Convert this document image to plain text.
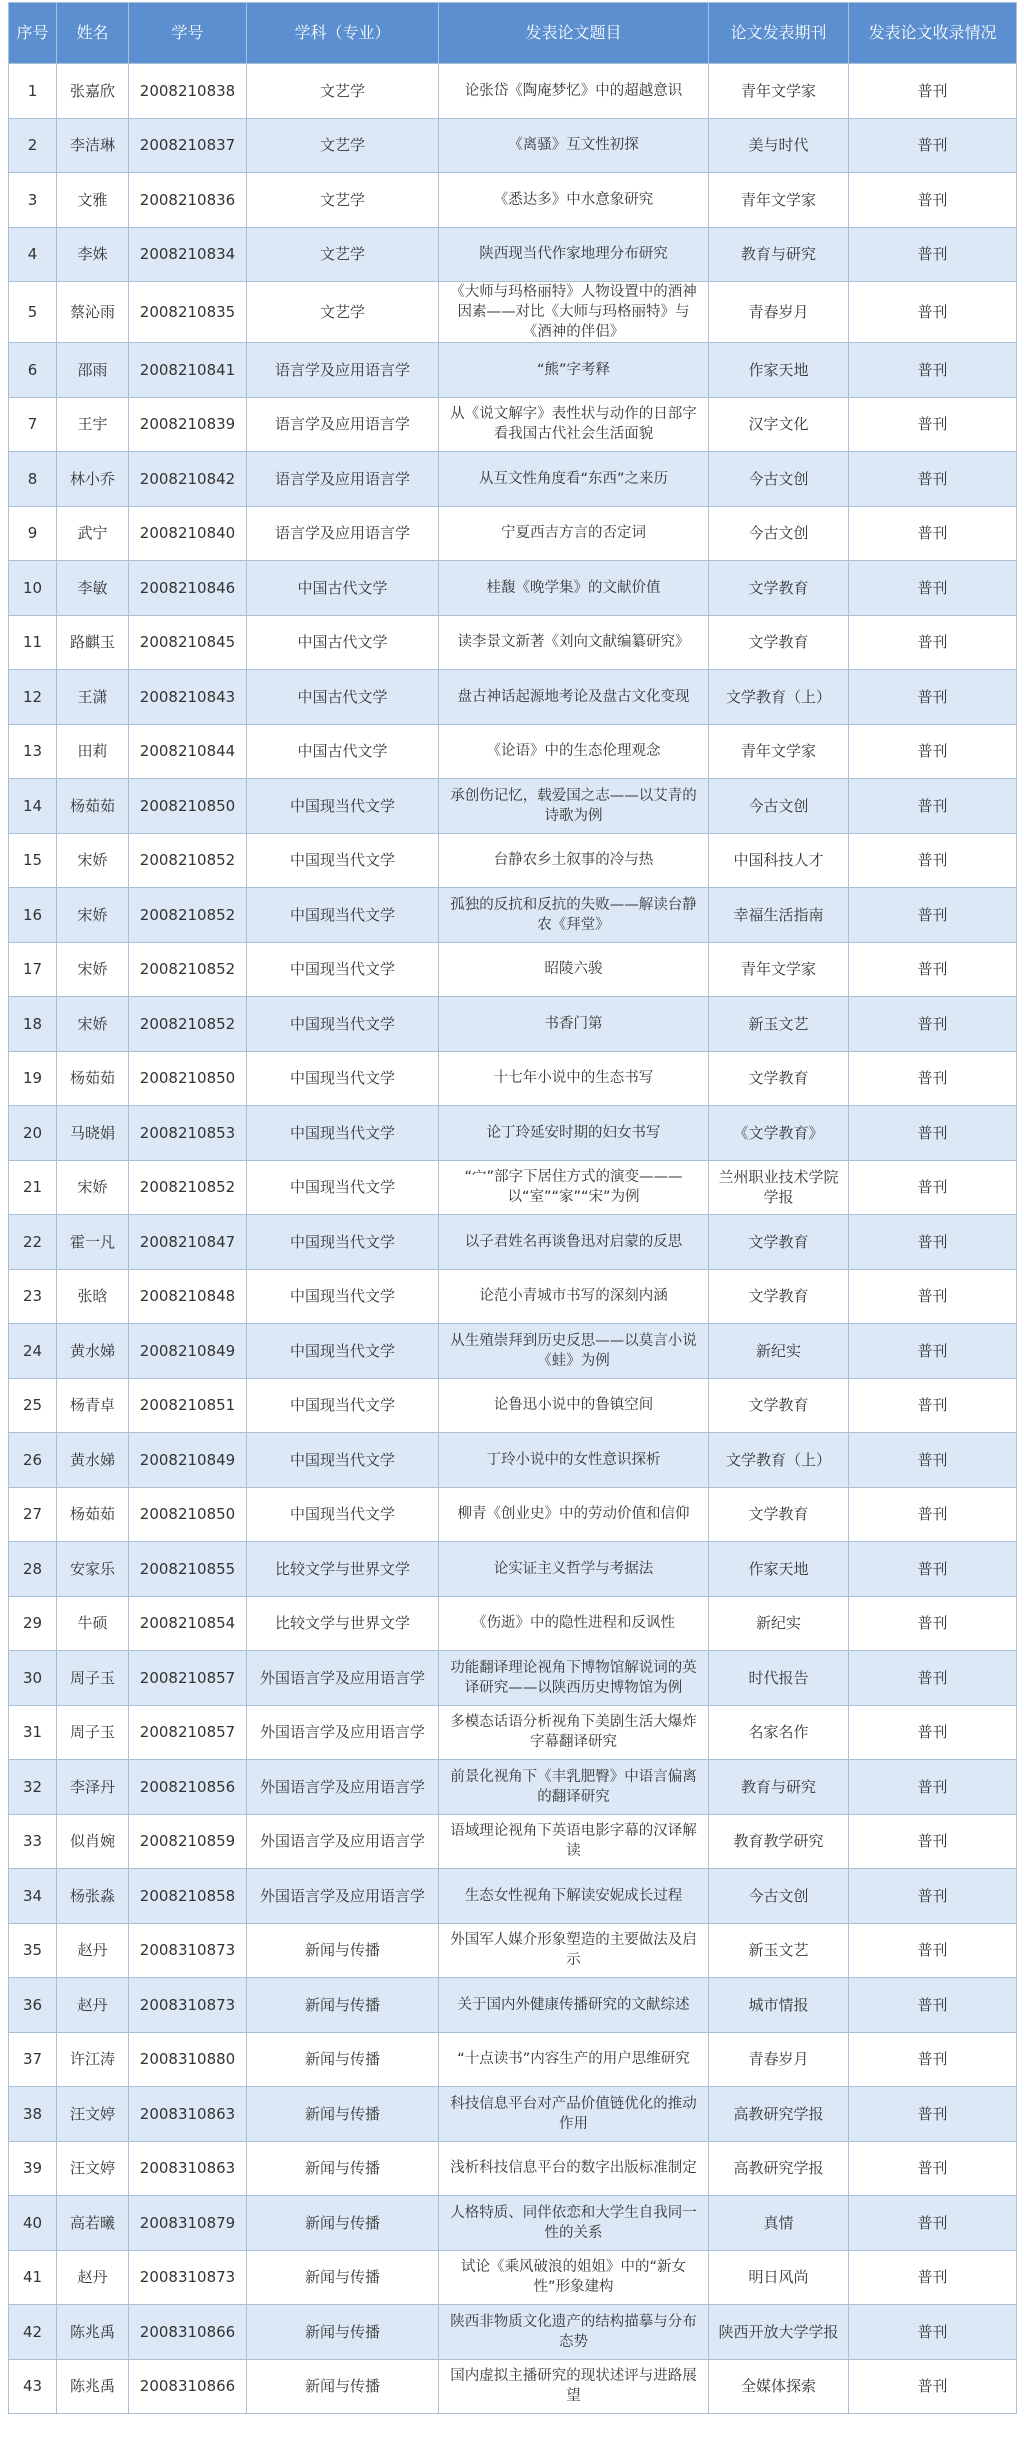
序号	姓名	学号	学科（专业）	发表论文题目	论文发表期刊	发表论文收录情况
1	张嘉欣	2008210838	文艺学	论张岱《陶庵梦忆》中的超越意识	青年文学家	普刊
2	李洁琳	2008210837	文艺学	《离骚》互文性初探	美与时代	普刊
3	文雅	2008210836	文艺学	《悉达多》中水意象研究	青年文学家	普刊
4	李姝	2008210834	文艺学	陕西现当代作家地理分布研究	教育与研究	普刊
5	蔡沁雨	2008210835	文艺学	《大师与玛格丽特》人物设置中的酒神因素——对比《大师与玛格丽特》与《酒神的伴侣》	青春岁月	普刊
6	邵雨	2008210841	语言学及应用语言学	“熊”字考释	作家天地	普刊
7	王宇	2008210839	语言学及应用语言学	从《说文解字》表性状与动作的日部字看我国古代社会生活面貌	汉字文化	普刊
8	林小乔	2008210842	语言学及应用语言学	从互文性角度看“东西”之来历	今古文创	普刊
9	武宁	2008210840	语言学及应用语言学	宁夏西吉方言的否定词	今古文创	普刊
10	李敏	2008210846	中国古代文学	桂馥《晚学集》的文献价值	文学教育	普刊
11	路麒玉	2008210845	中国古代文学	读李景文新著《刘向文献编纂研究》	文学教育	普刊
12	王潇	2008210843	中国古代文学	盘古神话起源地考论及盘古文化变现	文学教育（上）	普刊
13	田莉	2008210844	中国古代文学	《论语》中的生态伦理观念	青年文学家	普刊
14	杨茹茹	2008210850	中国现当代文学	承创伤记忆，载爱国之志——以艾青的诗歌为例	今古文创	普刊
15	宋娇	2008210852	中国现当代文学	台静农乡土叙事的冷与热	中国科技人才	普刊
16	宋娇	2008210852	中国现当代文学	孤独的反抗和反抗的失败——解读台静农《拜堂》	幸福生活指南	普刊
17	宋娇	2008210852	中国现当代文学	昭陵六骏	青年文学家	普刊
18	宋娇	2008210852	中国现当代文学	书香门第	新玉文艺	普刊
19	杨茹茹	2008210850	中国现当代文学	十七年小说中的生态书写	文学教育	普刊
20	马晓娟	2008210853	中国现当代文学	论丁玲延安时期的妇女书写	《文学教育》	普刊
21	宋娇	2008210852	中国现当代文学	“宀”部字下居住方式的演变———以“室”“家”“宋”为例	兰州职业技术学院学报	普刊
22	霍一凡	2008210847	中国现当代文学	以子君姓名再谈鲁迅对启蒙的反思	文学教育	普刊
23	张晗	2008210848	中国现当代文学	论范小青城市书写的深刻内涵	文学教育	普刊
24	黄水娣	2008210849	中国现当代文学	从生殖崇拜到历史反思——以莫言小说《蛙》为例	新纪实	普刊
25	杨青卓	2008210851	中国现当代文学	论鲁迅小说中的鲁镇空间	文学教育	普刊
26	黄水娣	2008210849	中国现当代文学	丁玲小说中的女性意识探析	文学教育（上）	普刊
27	杨茹茹	2008210850	中国现当代文学	柳青《创业史》中的劳动价值和信仰	文学教育	普刊
28	安家乐	2008210855	比较文学与世界文学	论实证主义哲学与考据法	作家天地	普刊
29	牛硕	2008210854	比较文学与世界文学	《伤逝》中的隐性进程和反讽性	新纪实	普刊
30	周子玉	2008210857	外国语言学及应用语言学	功能翻译理论视角下博物馆解说词的英译研究——以陕西历史博物馆为例	时代报告	普刊
31	周子玉	2008210857	外国语言学及应用语言学	多模态话语分析视角下美剧生活大爆炸字幕翻译研究	名家名作	普刊
32	李泽丹	2008210856	外国语言学及应用语言学	前景化视角下《丰乳肥臀》中语言偏离的翻译研究	教育与研究	普刊
33	似肖婉	2008210859	外国语言学及应用语言学	语域理论视角下英语电影字幕的汉译解读	教育教学研究	普刊
34	杨张淼	2008210858	外国语言学及应用语言学	生态女性视角下解读安妮成长过程	今古文创	普刊
35	赵丹	2008310873	新闻与传播	外国军人媒介形象塑造的主要做法及启示	新玉文艺	普刊
36	赵丹	2008310873	新闻与传播	关于国内外健康传播研究的文献综述	城市情报	普刊
37	许江涛	2008310880	新闻与传播	“十点读书”内容生产的用户思维研究	青春岁月	普刊
38	汪文婷	2008310863	新闻与传播	科技信息平台对产品价值链优化的推动作用	高教研究学报	普刊
39	汪文婷	2008310863	新闻与传播	浅析科技信息平台的数字出版标准制定	高教研究学报	普刊
40	高若曦	2008310879	新闻与传播	人格特质、同伴依恋和大学生自我同一性的关系	真情	普刊
41	赵丹	2008310873	新闻与传播	试论《乘风破浪的姐姐》中的“新女性”形象建构	明日风尚	普刊
42	陈兆禹	2008310866	新闻与传播	陕西非物质文化遗产的结构描摹与分布态势	陕西开放大学学报	普刊
43	陈兆禹	2008310866	新闻与传播	国内虚拟主播研究的现状述评与进路展望	全媒体探索	普刊
